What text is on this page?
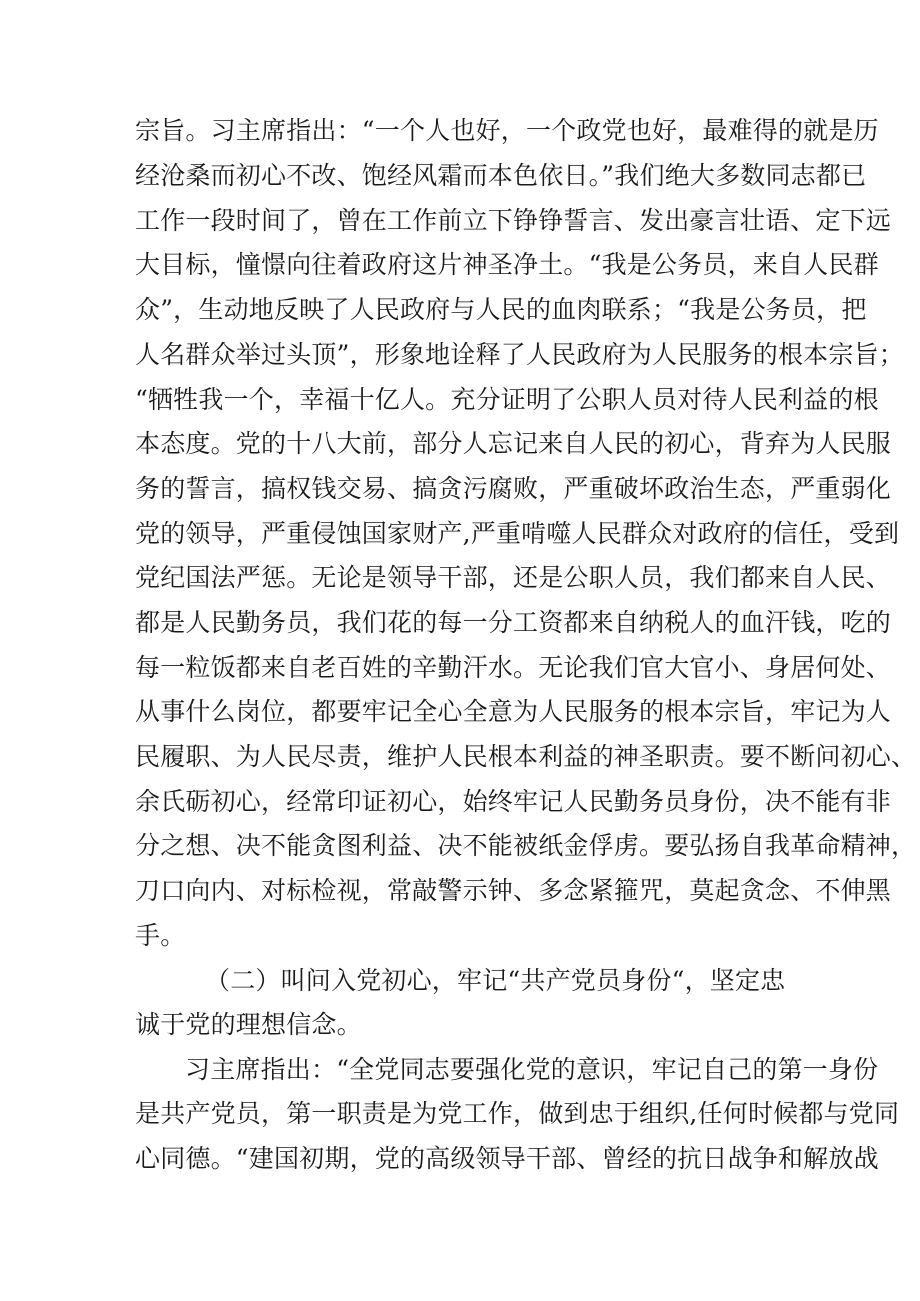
宗旨。习主席指出：“一个人也好，一个政党也好，最难得的就是历
经沧桑而初心不改、饱经风霜而本色依日。”我们绝大多数同志都已
工作一段时间了，曾在工作前立下铮铮誓言、发出豪言壮语、定下远
大目标，憧憬向往着政府这片神圣净土。“我是公务员，来自人民群
众”，生动地反映了人民政府与人民的血肉联系；“我是公务员，把
人名群众举过头顶”，形象地诠释了人民政府为人民服务的根本宗旨；
“牺牲我一个，幸福十亿人。充分证明了公职人员对待人民利益的根
本态度。党的十八大前，部分人忘记来自人民的初心，背弃为人民服
务的誓言，搞权钱交易、搞贪污腐败，严重破坏政治生态，严重弱化
党的领导，严重侵蚀国家财产,严重啃噬人民群众对政府的信任，受到
党纪国法严惩。无论是领导干部，还是公职人员，我们都来自人民、
都是人民勤务员，我们花的每一分工资都来自纳税人的血汗钱，吃的
每一粒饭都来自老百姓的辛勤汗水。无论我们官大官小、身居何处、
从事什么岗位，都要牢记全心全意为人民服务的根本宗旨，牢记为人
民履职、为人民尽责，维护人民根本利益的神圣职责。要不断问初心、
余氏砺初心，经常印证初心，始终牢记人民勤务员身份，决不能有非
分之想、决不能贪图利益、决不能被纸金俘虏。要弘扬自我革命精神，
刀口向内、对标检视，常敲警示钟、多念紧箍咒，莫起贪念、不伸黑
手。
（二）叫问入党初心，牢记“共产党员身份“，坚定忠
诚于党的理想信念。
习主席指出：“全党同志要强化党的意识，牢记自己的第一身份
是共产党员，第一职责是为党工作，做到忠于组织,任何时候都与党同
心同德。“建国初期，党的高级领导干部、曾经的抗日战争和解放战
